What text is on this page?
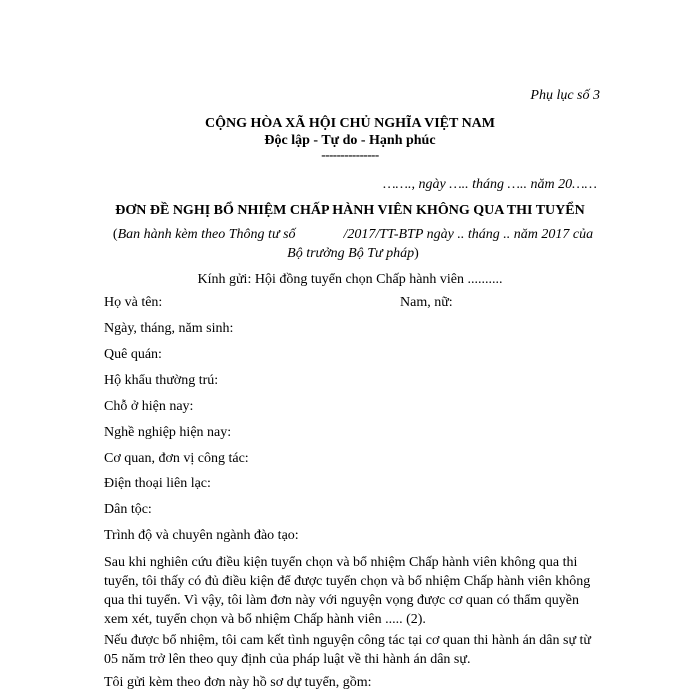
Phụ lục số 3
CỘNG HÒA XÃ HỘI CHỦ NGHĨA VIỆT NAM
Độc lập - Tự do - Hạnh phúc
---------------
……., ngày ….. tháng ….. năm 20……
ĐƠN ĐỀ NGHỊ BỔ NHIỆM CHẤP HÀNH VIÊN KHÔNG QUA THI TUYỂN
(Ban hành kèm theo Thông tư số	/2017/TT-BTP ngày .. tháng .. năm 2017 của Bộ trưởng Bộ Tư pháp)
Kính gửi: Hội đồng tuyển chọn Chấp hành viên ..........
Họ và tên:	Nam, nữ:
Ngày, tháng, năm sinh:
Quê quán:
Hộ khẩu thường trú:
Chỗ ở hiện nay:
Nghề nghiệp hiện nay:
Cơ quan, đơn vị công tác:
Điện thoại liên lạc:
Dân tộc:
Trình độ và chuyên ngành đào tạo:
Sau khi nghiên cứu điều kiện tuyển chọn và bổ nhiệm Chấp hành viên không qua thi tuyển, tôi thấy có đủ điều kiện để được tuyển chọn và bổ nhiệm Chấp hành viên không qua thi tuyển. Vì vậy, tôi làm đơn này với nguyện vọng được cơ quan có thẩm quyền xem xét, tuyển chọn và bổ nhiệm Chấp hành viên ..... (2).
Nếu được bổ nhiệm, tôi cam kết tình nguyện công tác tại cơ quan thi hành án dân sự từ 05 năm trở lên theo quy định của pháp luật về thi hành án dân sự.
Tôi gửi kèm theo đơn này hồ sơ dự tuyển, gồm:
